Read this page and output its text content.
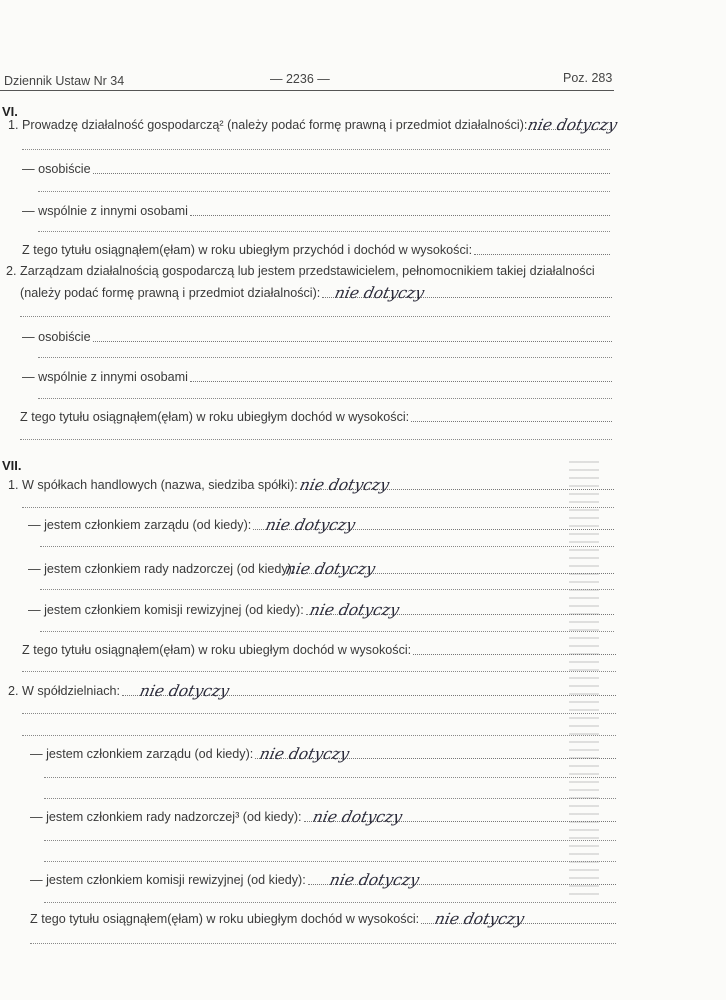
Dziennik Ustaw Nr 34	— 2236 —	Poz. 283
VI.
1. Prowadzę działalność gospodarczą² (należy podać formę prawną i przedmiot działalności):
nie dotyczy
— osobiście
— wspólnie z innymi osobami
Z tego tytułu osiągnąłem(ęłam) w roku ubiegłym przychód i dochód w wysokości:
2. Zarządzam działalnością gospodarczą lub jestem przedstawicielem, pełnomocnikiem takiej działalności
(należy podać formę prawną i przedmiot działalności): nie dotyczy
— osobiście
— wspólnie z innymi osobami
Z tego tytułu osiągnąłem(ęłam) w roku ubiegłym dochód w wysokości:
VII.
1. W spółkach handlowych (nazwa, siedziba spółki): nie dotyczy
— jestem członkiem zarządu (od kiedy): nie dotyczy
— jestem członkiem rady nadzorczej (od kiedy):
nie dotyczy
— jestem członkiem komisji rewizyjnej (od kiedy): nie dotyczy
Z tego tytułu osiągnąłem(ęłam) w roku ubiegłym dochód w wysokości:
2. W spółdzielniach: nie dotyczy
— jestem członkiem zarządu (od kiedy): nie dotyczy
— jestem członkiem rady nadzorczej³ (od kiedy): nie dotyczy
— jestem członkiem komisji rewizyjnej (od kiedy): nie dotyczy
Z tego tytułu osiągnąłem(ęłam) w roku ubiegłym dochód w wysokości: nie dotyczy
